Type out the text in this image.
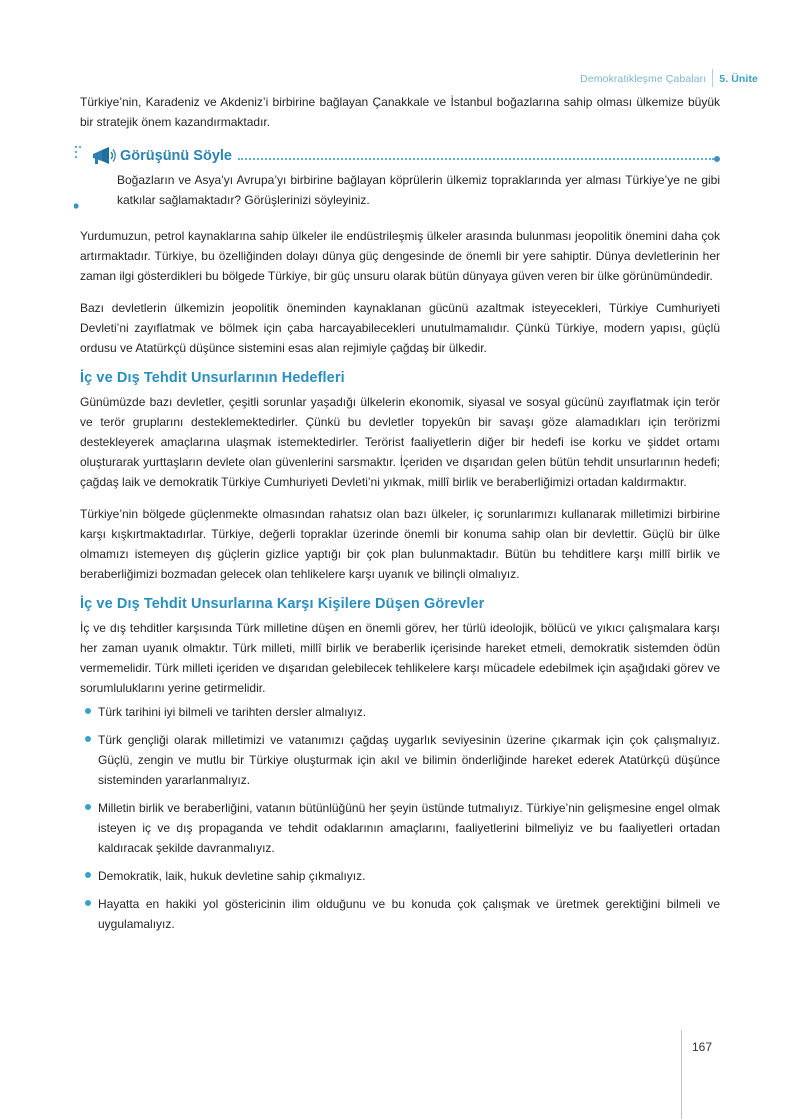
Demokratikleşme Çabaları 5. Ünite

Türkiye’nin, Karadeniz ve Akdeniz’i birbirine bağlayan Çanakkale ve İstanbul boğazlarına sahip olması ülkemize büyük bir stratejik önem kazandırmaktadır.

Görüşünü Söyle

Boğazların ve Asya’yı Avrupa’yı birbirine bağlayan köprülerin ülkemiz topraklarında yer alması Türkiye’ye ne gibi katkılar sağlamaktadır? Görüşlerinizi söyleyiniz.

Yurdumuzun, petrol kaynaklarına sahip ülkeler ile endüstrileşmiş ülkeler arasında bulunması jeopolitik önemini daha çok artırmaktadır. Türkiye, bu özelliğinden dolayı dünya güç dengesinde de önemli bir yere sahiptir. Dünya devletlerinin her zaman ilgi gösterdikleri bu bölgede Türkiye, bir güç unsuru olarak bütün dünyaya güven veren bir ülke görünümündedir.

Bazı devletlerin ülkemizin jeopolitik öneminden kaynaklanan gücünü azaltmak isteyecekleri, Türkiye Cumhuriyeti Devleti’ni zayıflatmak ve bölmek için çaba harcayabilecekleri unutulmamalıdır. Çünkü Türkiye, modern yapısı, güçlü ordusu ve Atatürkçü düşünce sistemini esas alan rejimiyle çağdaş bir ülkedir.

İç ve Dış Tehdit Unsurlarının Hedefleri

Günümüzde bazı devletler, çeşitli sorunlar yaşadığı ülkelerin ekonomik, siyasal ve sosyal gücünü zayıflatmak için terör ve terör gruplarını desteklemektedirler. Çünkü bu devletler topyekûn bir savaşı göze alamadıkları için terörizmi destekleyerek amaçlarına ulaşmak istemektedirler. Terörist faaliyetlerin diğer bir hedefi ise korku ve şiddet ortamı oluşturarak yurttaşların devlete olan güvenlerini sarsmaktır. İçeriden ve dışarıdan gelen bütün tehdit unsurlarının hedefi; çağdaş laik ve demokratik Türkiye Cumhuriyeti Devleti’ni yıkmak, millî birlik ve beraberliğimizi ortadan kaldırmaktır.

Türkiye’nin bölgede güçlenmekte olmasından rahatsız olan bazı ülkeler, iç sorunlarımızı kullanarak milletimizi birbirine karşı kışkırtmaktadırlar. Türkiye, değerli topraklar üzerinde önemli bir konuma sahip olan bir devlettir. Güçlü bir ülke olmamızı istemeyen dış güçlerin gizlice yaptığı bir çok plan bulunmaktadır. Bütün bu tehditlere karşı millî birlik ve beraberliğimizi bozmadan gelecek olan tehlikelere karşı uyanık ve bilinçli olmalıyız.

İç ve Dış Tehdit Unsurlarına Karşı Kişilere Düşen Görevler

İç ve dış tehditler karşısında Türk milletine düşen en önemli görev, her türlü ideolojik, bölücü ve yıkıcı çalışmalara karşı her zaman uyanık olmaktır. Türk milleti, millî birlik ve beraberlik içerisinde hareket etmeli, demokratik sistemden ödün vermemelidir. Türk milleti içeriden ve dışarıdan gelebilecek tehlikelere karşı mücadele edebilmek için aşağıdaki görev ve sorumluluklarını yerine getirmelidir.

Türk tarihini iyi bilmeli ve tarihten dersler almalıyız.
Türk gençliği olarak milletimizi ve vatanımızı çağdaş uygarlık seviyesinin üzerine çıkarmak için çok çalışmalıyız. Güçlü, zengin ve mutlu bir Türkiye oluşturmak için akıl ve bilimin önderliğinde hareket ederek Atatürkçü düşünce sisteminden yararlanmalıyız.
Milletin birlik ve beraberliğini, vatanın bütünlüğünü her şeyin üstünde tutmalıyız. Türkiye’nin gelişmesine engel olmak isteyen iç ve dış propaganda ve tehdit odaklarının amaçlarını, faaliyetlerini bilmeliyiz ve bu faaliyetleri ortadan kaldıracak şekilde davranmalıyız.
Demokratik, laik, hukuk devletine sahip çıkmalıyız.
Hayatta en hakiki yol göstericinin ilim olduğunu ve bu konuda çok çalışmak ve üretmek gerektiğini bilmeli ve uygulamalıyız.
167
